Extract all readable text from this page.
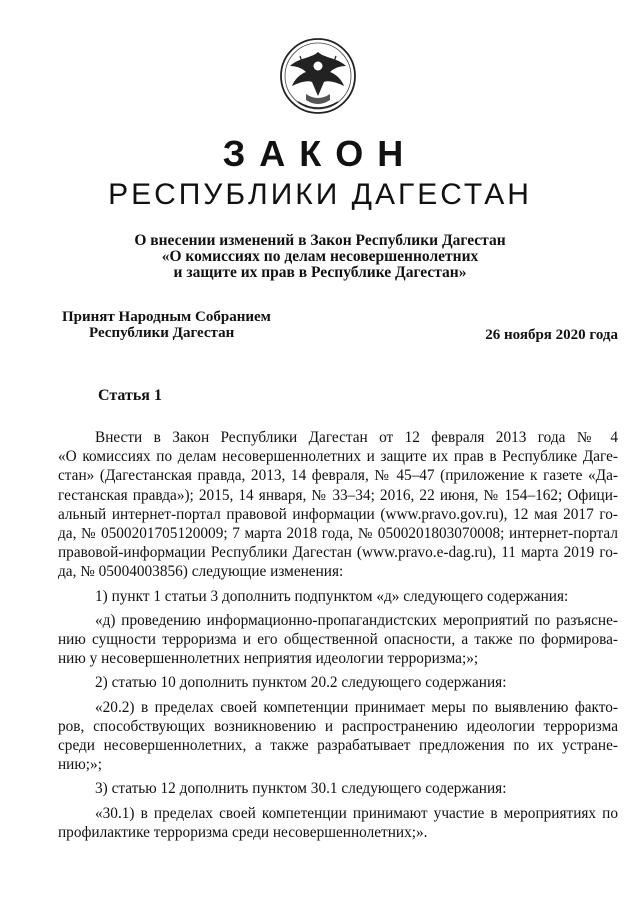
ЗАКОН
РЕСПУБЛИКИ ДАГЕСТАН
О внесении изменений в Закон Республики Дагестан
«О комиссиях по делам несовершеннолетних
и защите их прав в Республике Дагестан»
Принят Народным Собранием
Республики Дагестан	26 ноября 2020 года
Статья 1

Внести в Закон Республики Дагестан от 12 февраля 2013 года № 4

«О комиссиях по делам несовершеннолетних и защите их прав в Республике Даге-

стан» (Дагестанская правда, 2013, 14 февраля, № 45–47 (приложение к газете «Да-

гестанская правда»); 2015, 14 января, № 33–34; 2016, 22 июня, № 154–162; Офици-

альный интернет-портал правовой информации (www.pravo.gov.ru), 12 мая 2017 го-

да, № 0500201705120009; 7 марта 2018 года, № 0500201803070008; интернет-портал

правовой-информации Республики Дагестан (www.pravo.e-dag.ru), 11 марта 2019 го-

да, № 05004003856) следующие изменения:

1) пункт 1 статьи 3 дополнить подпунктом «д» следующего содержания:

«д) проведению информационно-пропагандистских мероприятий по разъясне-

нию сущности терроризма и его общественной опасности, а также по формирова-

нию у несовершеннолетних неприятия идеологии терроризма;»;

2) статью 10 дополнить пунктом 20.2 следующего содержания:

«20.2) в пределах своей компетенции принимает меры по выявлению факто-

ров, способствующих возникновению и распространению идеологии терроризма

среди несовершеннолетних, а также разрабатывает предложения по их устране-

нию;»;

3) статью 12 дополнить пунктом 30.1 следующего содержания:

«30.1) в пределах своей компетенции принимают участие в мероприятиях по

профилактике терроризма среди несовершеннолетних;».
